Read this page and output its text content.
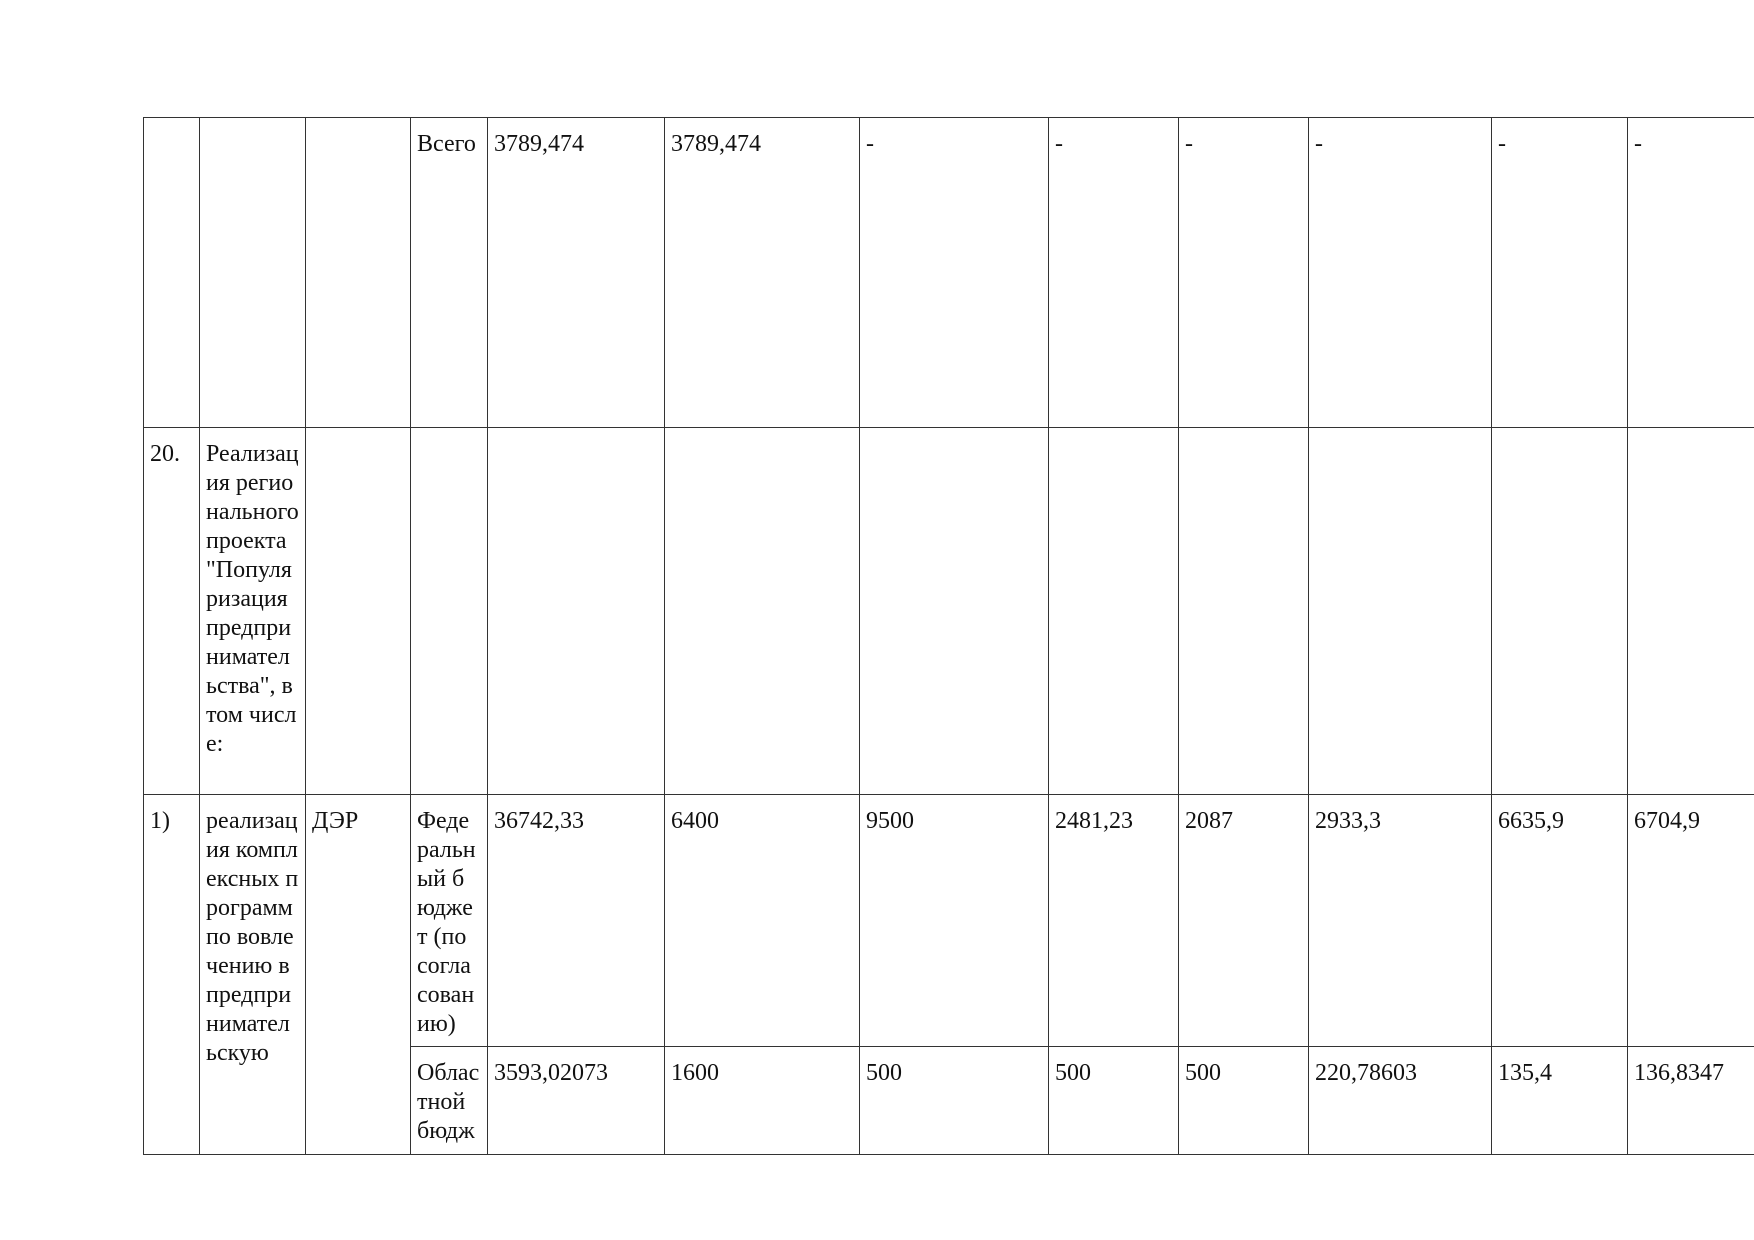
			Всего	3789,474	3789,474	-	-	-	-	-	-

20.	Реализация регионального проекта "Популяризация предпринимательства", в том числе:										

1)	реализация комплексных программ по вовлечению в предпринимательскую	ДЭР	Федеральный бюджет (по согласованию)	36742,33	6400	9500	2481,23	2087	2933,3	6635,9	6704,9

			Областной бюдж	3593,02073	1600	500	500	500	220,78603	135,4	136,8347
